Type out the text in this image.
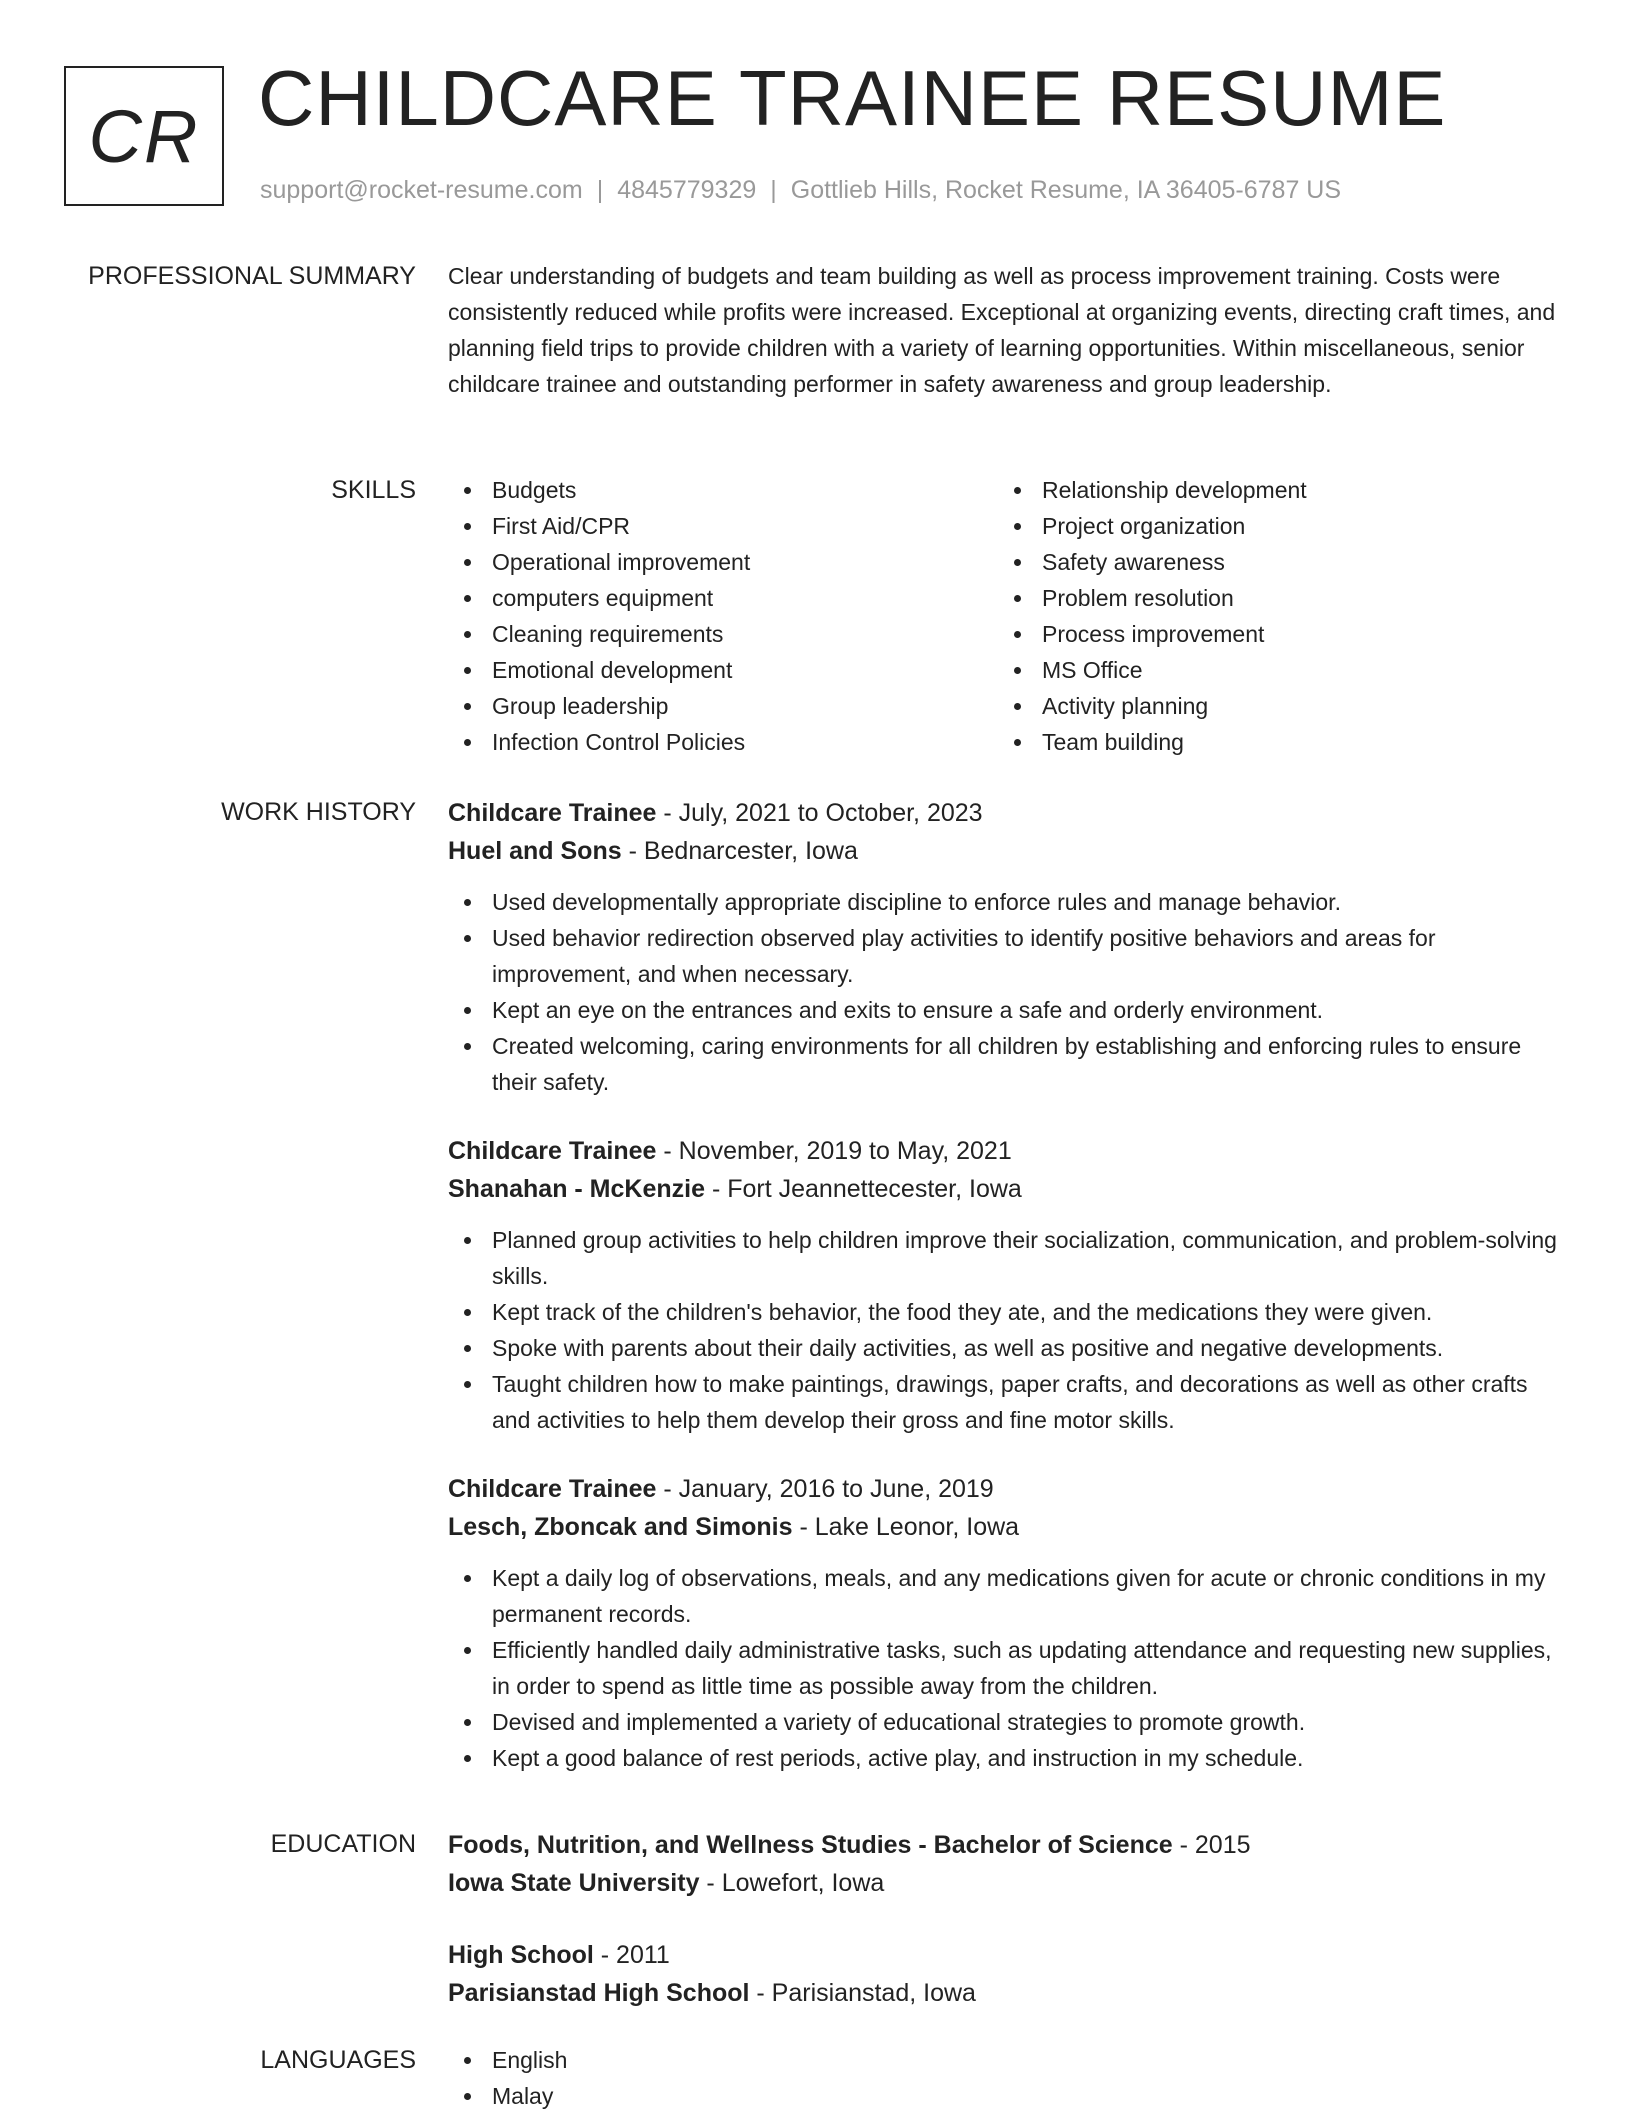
CR CHILDCARE TRAINEE RESUME
support@rocket-resume.com | 4845779329 | Gottlieb Hills, Rocket Resume, IA 36405-6787 US
PROFESSIONAL SUMMARY Clear understanding of budgets and team building as well as process improvement training. Costs were consistently reduced while profits were increased. Exceptional at organizing events, directing craft times, and planning field trips to provide children with a variety of learning opportunities. Within miscellaneous, senior childcare trainee and outstanding performer in safety awareness and group leadership.

SKILLS	Budgets
First Aid/CPR
Operational improvement
computers equipment
Cleaning requirements
Emotional development
Group leadership
Infection Control Policies
Relationship development
Project organization
Safety awareness
Problem resolution
Process improvement
MS Office
Activity planning
Team building
WORK HISTORY Childcare Trainee - July, 2021 to October, 2023
Huel and Sons - Bednarcester, Iowa
Used developmentally appropriate discipline to enforce rules and manage behavior.
Used behavior redirection observed play activities to identify positive behaviors and areas for improvement, and when necessary.
Kept an eye on the entrances and exits to ensure a safe and orderly environment.
Created welcoming, caring environments for all children by establishing and enforcing rules to ensure their safety.
Childcare Trainee - November, 2019 to May, 2021
Shanahan - McKenzie - Fort Jeannettecester, Iowa
Planned group activities to help children improve their socialization, communication, and problem-solving skills.
Kept track of the children's behavior, the food they ate, and the medications they were given.
Spoke with parents about their daily activities, as well as positive and negative developments.
Taught children how to make paintings, drawings, paper crafts, and decorations as well as other crafts and activities to help them develop their gross and fine motor skills.
Childcare Trainee - January, 2016 to June, 2019
Lesch, Zboncak and Simonis - Lake Leonor, Iowa
Kept a daily log of observations, meals, and any medications given for acute or chronic conditions in my permanent records.
Efficiently handled daily administrative tasks, such as updating attendance and requesting new supplies, in order to spend as little time as possible away from the children.
Devised and implemented a variety of educational strategies to promote growth.
Kept a good balance of rest periods, active play, and instruction in my schedule.
EDUCATION Foods, Nutrition, and Wellness Studies - Bachelor of Science - 2015
Iowa State University - Lowefort, Iowa
High School - 2011
Parisianstad High School - Parisianstad, Iowa
LANGUAGES	English
Malay
